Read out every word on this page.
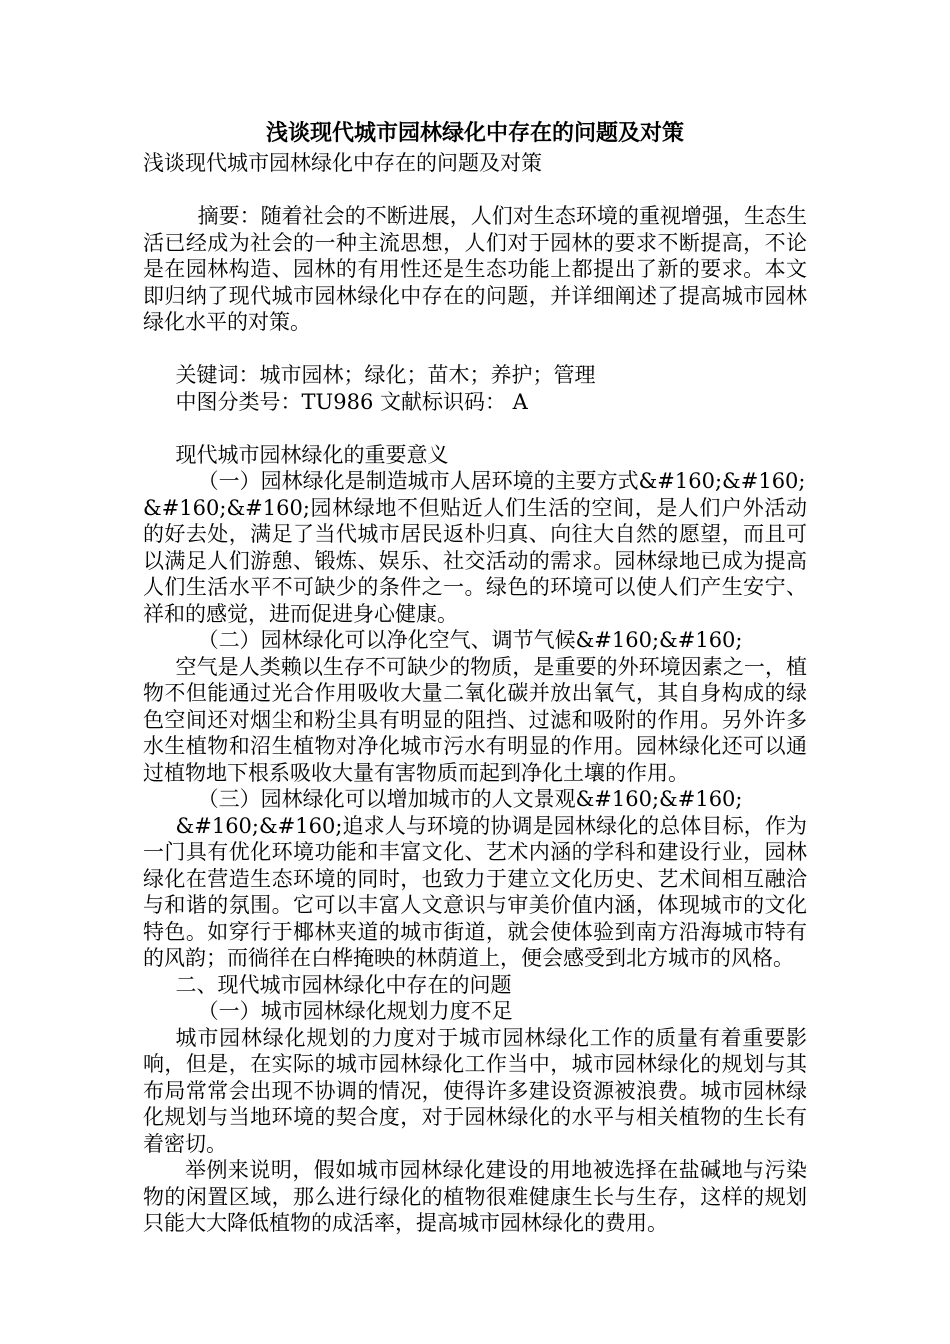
浅谈现代城市园林绿化中存在的问题及对策

浅谈现代城市园林绿化中存在的问题及对策

摘要：随着社会的不断进展，人们对生态环境的重视增强，生态生活已经成为社会的一种主流思想，人们对于园林的要求不断提高，不论是在园林构造、园林的有用性还是生态功能上都提出了新的要求。本文即归纳了现代城市园林绿化中存在的问题，并详细阐述了提高城市园林绿化水平的对策。

关键词：城市园林；绿化；苗木；养护；管理

中图分类号：TU986 文献标识码： A

现代城市园林绿化的重要意义

（一）园林绿化是制造城市人居环境的主要方式&#160;&#160;

&#160;&#160;园林绿地不但贴近人们生活的空间，是人们户外活动的好去处，满足了当代城市居民返朴归真、向往大自然的愿望，而且可以满足人们游憩、锻炼、娱乐、社交活动的需求。园林绿地已成为提高人们生活水平不可缺少的条件之一。绿色的环境可以使人们产生安宁、祥和的感觉，进而促进身心健康。

（二）园林绿化可以净化空气、调节气候&#160;&#160;

空气是人类赖以生存不可缺少的物质，是重要的外环境因素之一，植物不但能通过光合作用吸收大量二氧化碳并放出氧气，其自身构成的绿色空间还对烟尘和粉尘具有明显的阻挡、过滤和吸附的作用。另外许多水生植物和沼生植物对净化城市污水有明显的作用。园林绿化还可以通过植物地下根系吸收大量有害物质而起到净化土壤的作用。

（三）园林绿化可以增加城市的人文景观&#160;&#160;

&#160;&#160;追求人与环境的协调是园林绿化的总体目标，作为一门具有优化环境功能和丰富文化、艺术内涵的学科和建设行业，园林绿化在营造生态环境的同时，也致力于建立文化历史、艺术间相互融洽与和谐的氛围。它可以丰富人文意识与审美价值内涵，体现城市的文化特色。如穿行于椰林夹道的城市街道，就会使体验到南方沿海城市特有的风韵；而徜徉在白桦掩映的林荫道上，便会感受到北方城市的风格。

二、现代城市园林绿化中存在的问题

（一）城市园林绿化规划力度不足

城市园林绿化规划的力度对于城市园林绿化工作的质量有着重要影响，但是，在实际的城市园林绿化工作当中，城市园林绿化的规划与其布局常常会出现不协调的情况，使得许多建设资源被浪费。城市园林绿化规划与当地环境的契合度，对于园林绿化的水平与相关植物的生长有着密切。

举例来说明，假如城市园林绿化建设的用地被选择在盐碱地与污染物的闲置区域，那么进行绿化的植物很难健康生长与生存，这样的规划只能大大降低植物的成活率，提高城市园林绿化的费用。
